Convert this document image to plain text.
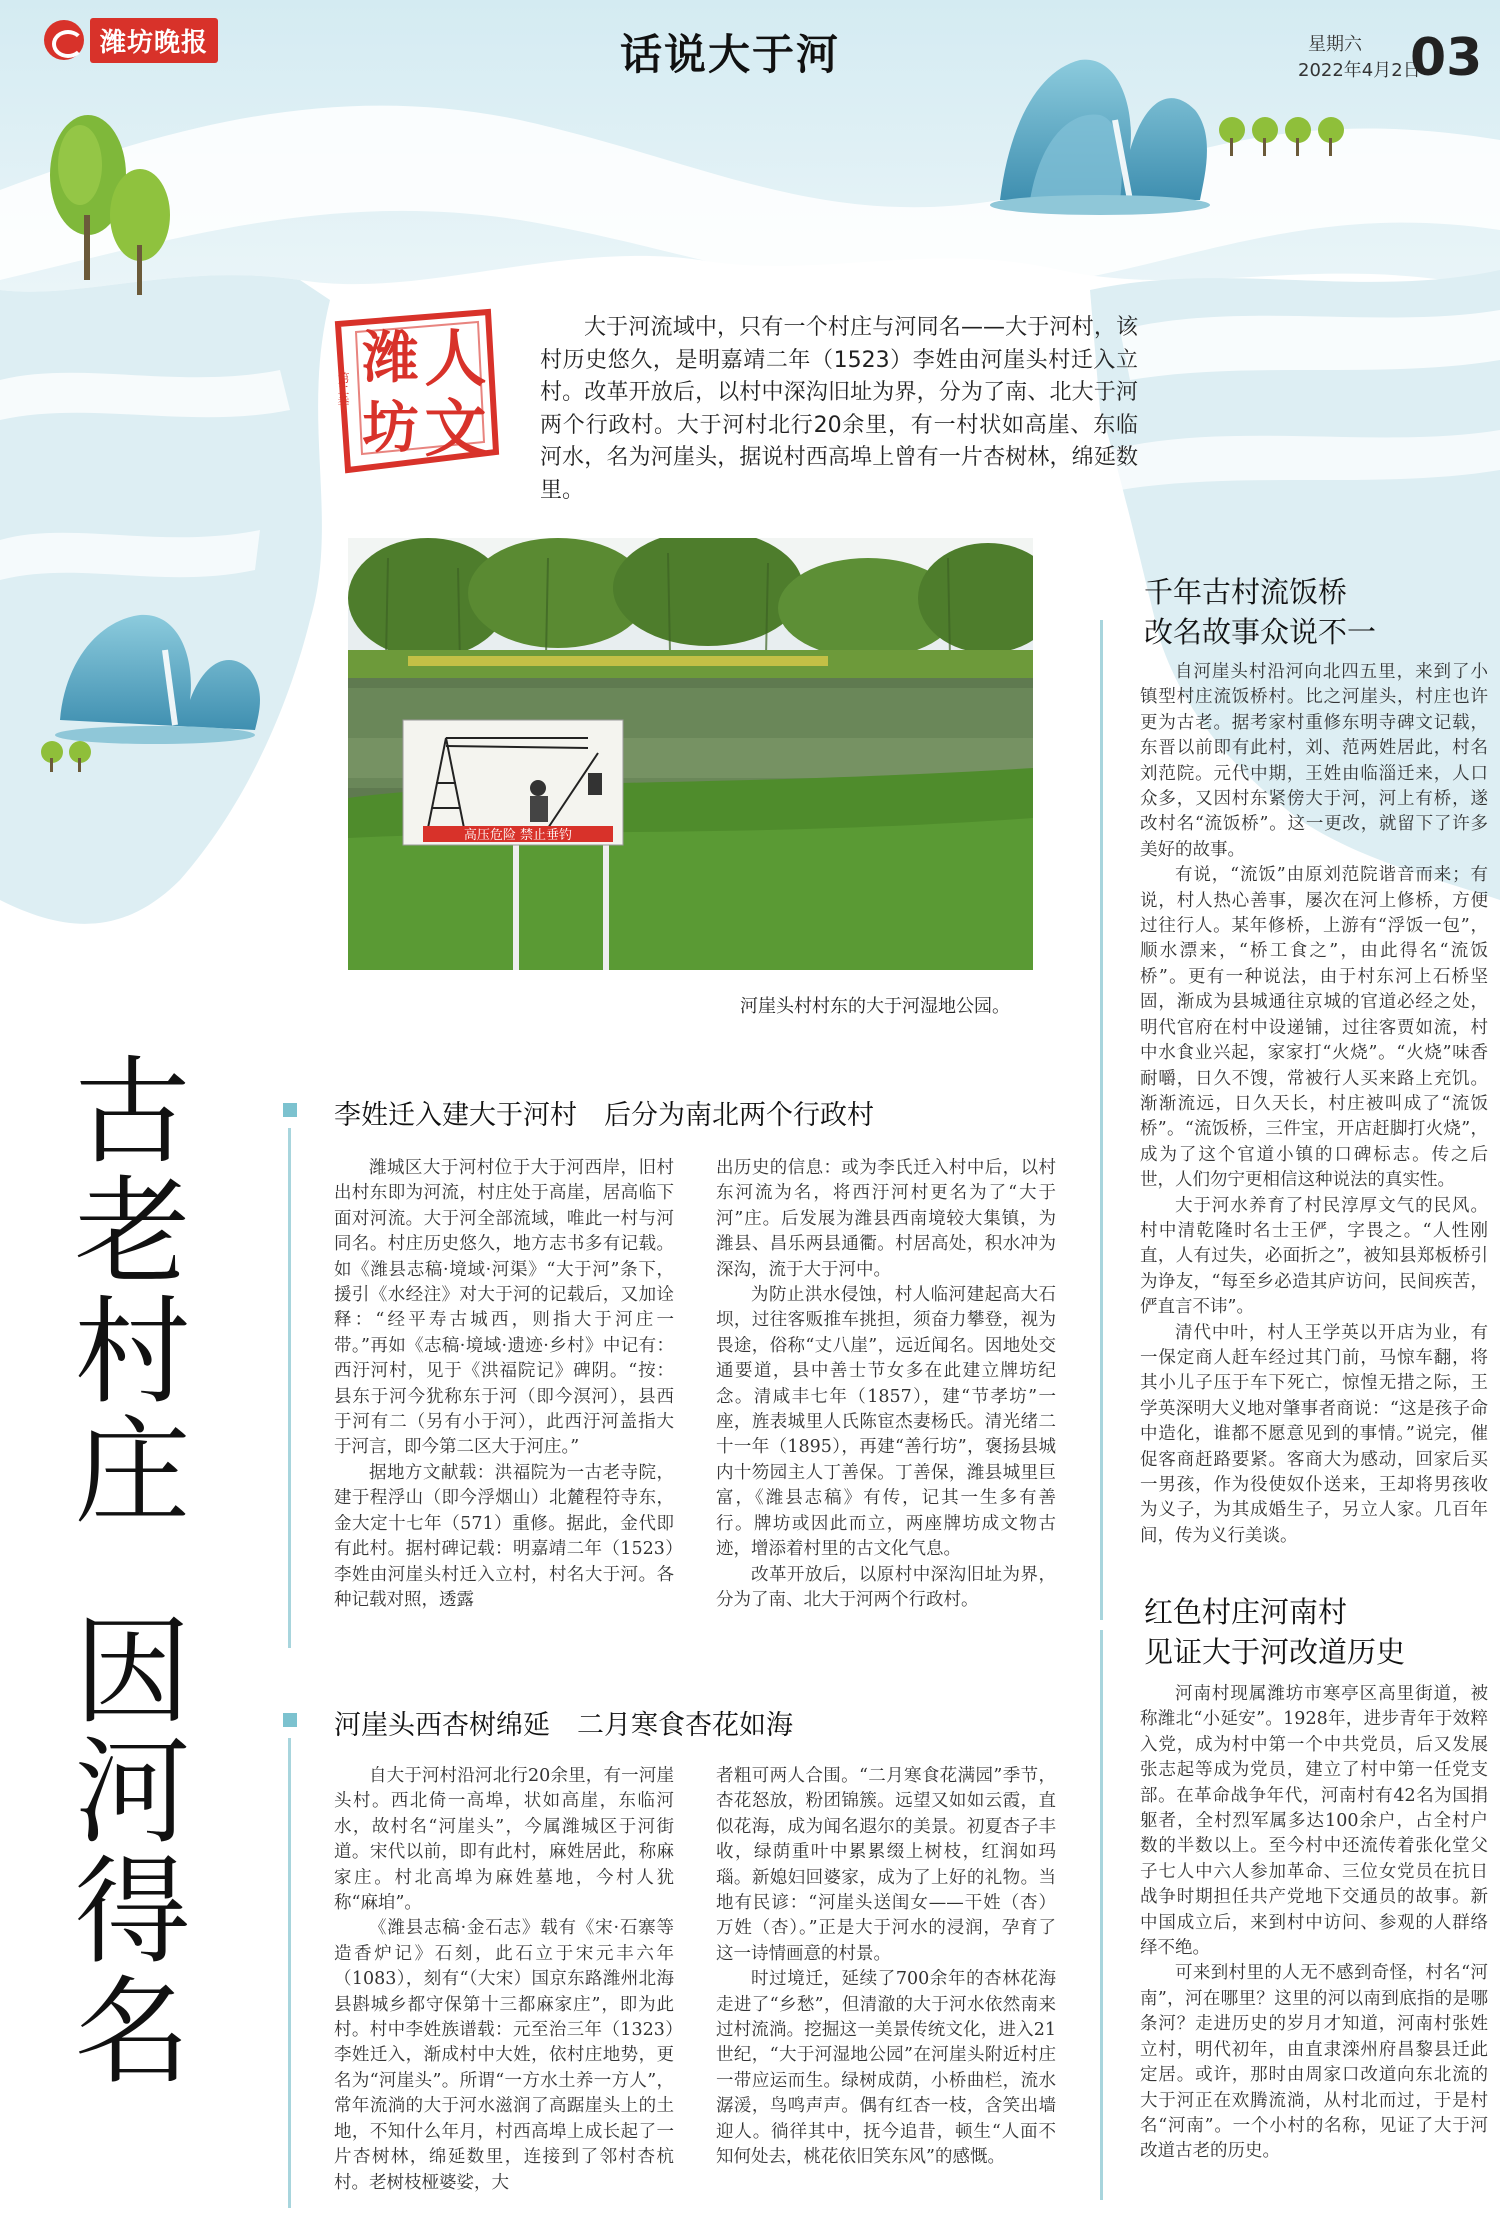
潍坊晚报	话说大于河	星期六
2022年4月2日
03
潍 人
坊 文
第二季
大于河流域中，只有一个村庄与河同名——大于河村，该村历史悠久，是明嘉靖二年（1523）李姓由河崖头村迁入立村。改革开放后，以村中深沟旧址为界，分为了南、北大于河两个行政村。大于河村北行20余里，有一村状如高崖、东临河水，名为河崖头，据说村西高埠上曾有一片杏树林，绵延数里。
高压危险 禁止垂钓
河崖头村村东的大于河湿地公园。
古老村庄
因河得名
李姓迁入建大于河村　后分为南北两个行政村

潍城区大于河村位于大于河西岸，旧村出村东即为河流，村庄处于高崖，居高临下面对河流。大于河全部流域，唯此一村与河同名。村庄历史悠久，地方志书多有记载。如《潍县志稿·境域·河渠》“大于河”条下，援引《水经注》对大于河的记载后，又加诠释：“经平寿古城西，则指大于河庄一带。”再如《志稿·境域·遗迹·乡村》中记有：西汙河村，见于《洪福院记》碑阴。“按：县东于河今犹称东于河（即今溟河），县西于河有二（另有小于河），此西汙河盖指大于河言，即今第二区大于河庄。”

据地方文献载：洪福院为一古老寺院，建于程浮山（即今浮烟山）北麓程符寺东，金大定十七年（571）重修。据此，金代即有此村。据村碑记载：明嘉靖二年（1523）李姓由河崖头村迁入立村，村名大于河。各种记载对照，透露

出历史的信息：或为李氏迁入村中后，以村东河流为名，将西汙河村更名为了“大于河”庄。后发展为潍县西南境较大集镇，为潍县、昌乐两县通衢。村居高处，积水冲为深沟，流于大于河中。

为防止洪水侵蚀，村人临河建起高大石坝，过往客贩推车挑担，须奋力攀登，视为畏途，俗称“丈八崖”，远近闻名。因地处交通要道，县中善士节女多在此建立牌坊纪念。清咸丰七年（1857），建“节孝坊”一座，旌表城里人氏陈宦杰妻杨氏。清光绪二十一年（1895），再建“善行坊”，褒扬县城内十笏园主人丁善保。丁善保，潍县城里巨富，《潍县志稿》有传，记其一生多有善行。牌坊或因此而立，两座牌坊成文物古迹，增添着村里的古文化气息。

改革开放后，以原村中深沟旧址为界，分为了南、北大于河两个行政村。

河崖头西杏树绵延　二月寒食杏花如海

自大于河村沿河北行20余里，有一河崖头村。西北倚一高埠，状如高崖，东临河水，故村名“河崖头”，今属潍城区于河街道。宋代以前，即有此村，麻姓居此，称麻家庄。村北高埠为麻姓墓地，今村人犹称“麻垍”。

《潍县志稿·金石志》载有《宋·石寨等造香炉记》石刻，此石立于宋元丰六年（1083），刻有“（大宋）国京东路潍州北海县斟城乡都守保第十三都麻家庄”，即为此村。村中李姓族谱载：元至治三年（1323）李姓迁入，渐成村中大姓，依村庄地势，更名为“河崖头”。所谓“一方水土养一方人”，常年流淌的大于河水滋润了高踞崖头上的土地，不知什么年月，村西高埠上成长起了一片杏树林，绵延数里，连接到了邻村杏杭村。老树枝桠婆娑，大

者粗可两人合围。“二月寒食花满园”季节，杏花怒放，粉团锦簇。远望又如如云霞，直似花海，成为闻名遐尔的美景。初夏杏子丰收，绿荫重叶中累累缀上树枝，红润如玛瑙。新媳妇回婆家，成为了上好的礼物。当地有民谚：“河崖头送闺女——干姓（杏）万姓（杏）。”正是大于河水的浸润，孕育了这一诗情画意的村景。

时过境迁，延续了700余年的杏林花海走进了“乡愁”，但清澈的大于河水依然南来过村流淌。挖掘这一美景传统文化，进入21世纪，“大于河湿地公园”在河崖头附近村庄一带应运而生。绿树成荫，小桥曲栏，流水潺湲，鸟鸣声声。偶有红杏一枝，含笑出墙迎人。徜徉其中，抚今追昔，顿生“人面不知何处去，桃花依旧笑东风”的感慨。

千年古村流饭桥
改名故事众说不一

自河崖头村沿河向北四五里，来到了小镇型村庄流饭桥村。比之河崖头，村庄也许更为古老。据考家村重修东明寺碑文记载，东晋以前即有此村，刘、范两姓居此，村名刘范院。元代中期，王姓由临淄迁来，人口众多，又因村东紧傍大于河，河上有桥，遂改村名“流饭桥”。这一更改，就留下了许多美好的故事。

有说，“流饭”由原刘范院谐音而来；有说，村人热心善事，屡次在河上修桥，方便过往行人。某年修桥，上游有“浮饭一包”，顺水漂来，“桥工食之”，由此得名“流饭桥”。更有一种说法，由于村东河上石桥坚固，渐成为县城通往京城的官道必经之处，明代官府在村中设递铺，过往客贾如流，村中水食业兴起，家家打“火烧”。“火烧”味香耐嚼，日久不馊，常被行人买来路上充饥。渐渐流远，日久天长，村庄被叫成了“流饭桥”。“流饭桥，三件宝，开店赶脚打火烧”，成为了这个官道小镇的口碑标志。传之后世，人们勿宁更相信这种说法的真实性。

大于河水养育了村民淳厚文气的民风。村中清乾隆时名士王俨，字畏之。“人性刚直，人有过失，必面折之”，被知县郑板桥引为诤友，“每至乡必造其庐访问，民间疾苦，俨直言不讳”。

清代中叶，村人王学英以开店为业，有一保定商人赶车经过其门前，马惊车翻，将其小儿子压于车下死亡，惊惶无措之际，王学英深明大义地对肇事者商说：“这是孩子命中造化，谁都不愿意见到的事情。”说完，催促客商赶路要紧。客商大为感动，回家后买一男孩，作为役使奴仆送来，王却将男孩收为义子，为其成婚生子，另立人家。几百年间，传为义行美谈。

红色村庄河南村
见证大于河改道历史

河南村现属潍坊市寒亭区高里街道，被称潍北“小延安”。1928年，进步青年于效粹入党，成为村中第一个中共党员，后又发展张志起等成为党员，建立了村中第一任党支部。在革命战争年代，河南村有42名为国捐躯者，全村烈军属多达100余户，占全村户数的半数以上。至今村中还流传着张化堂父子七人中六人参加革命、三位女党员在抗日战争时期担任共产党地下交通员的故事。新中国成立后，来到村中访问、参观的人群络绎不绝。

可来到村里的人无不感到奇怪，村名“河南”，河在哪里？这里的河以南到底指的是哪条河？走进历史的岁月才知道，河南村张姓立村，明代初年，由直隶滦州府昌黎县迁此定居。或许，那时由周家口改道向东北流的大于河正在欢腾流淌，从村北而过，于是村名“河南”。一个小村的名称，见证了大于河改道古老的历史。
